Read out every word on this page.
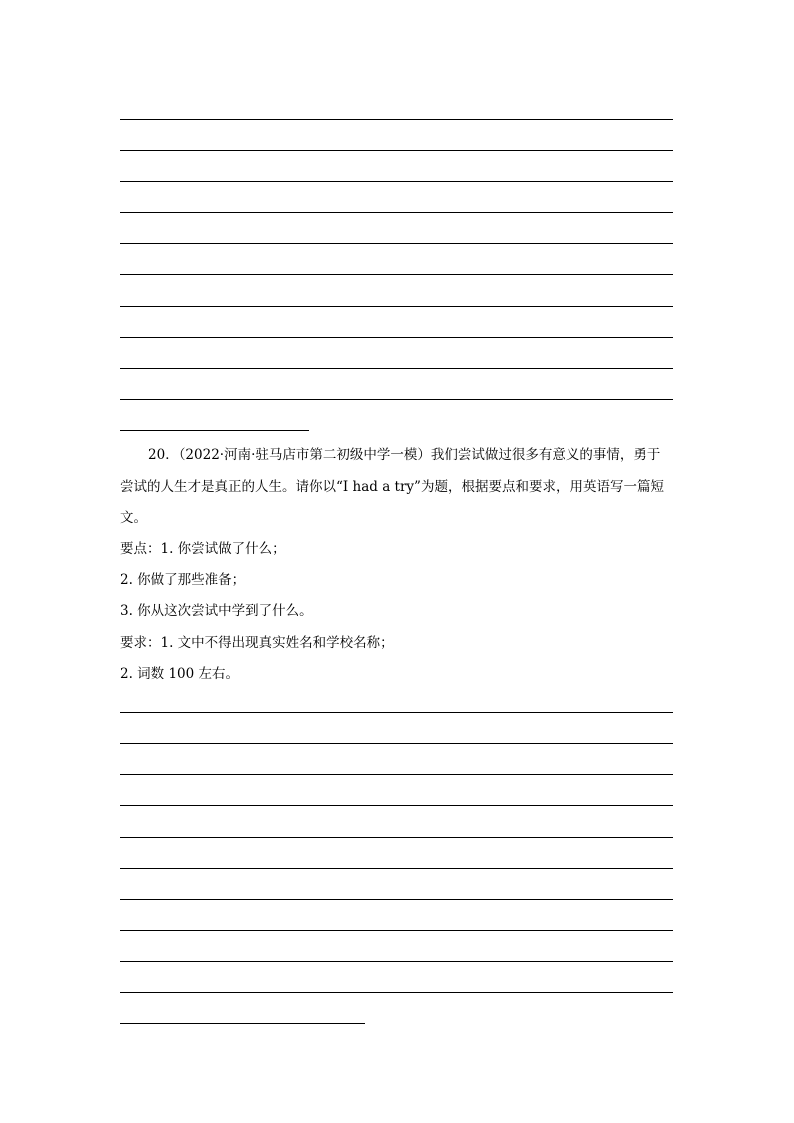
20．（2022·河南·驻马店市第二初级中学一模）我们尝试做过很多有意义的事情，勇于
尝试的人生才是真正的人生。请你以“I had a try”为题，根据要点和要求，用英语写一篇短
文。
要点：1. 你尝试做了什么；
2. 你做了那些准备；
3. 你从这次尝试中学到了什么。
要求：1. 文中不得出现真实姓名和学校名称；
2. 词数 100 左右。
